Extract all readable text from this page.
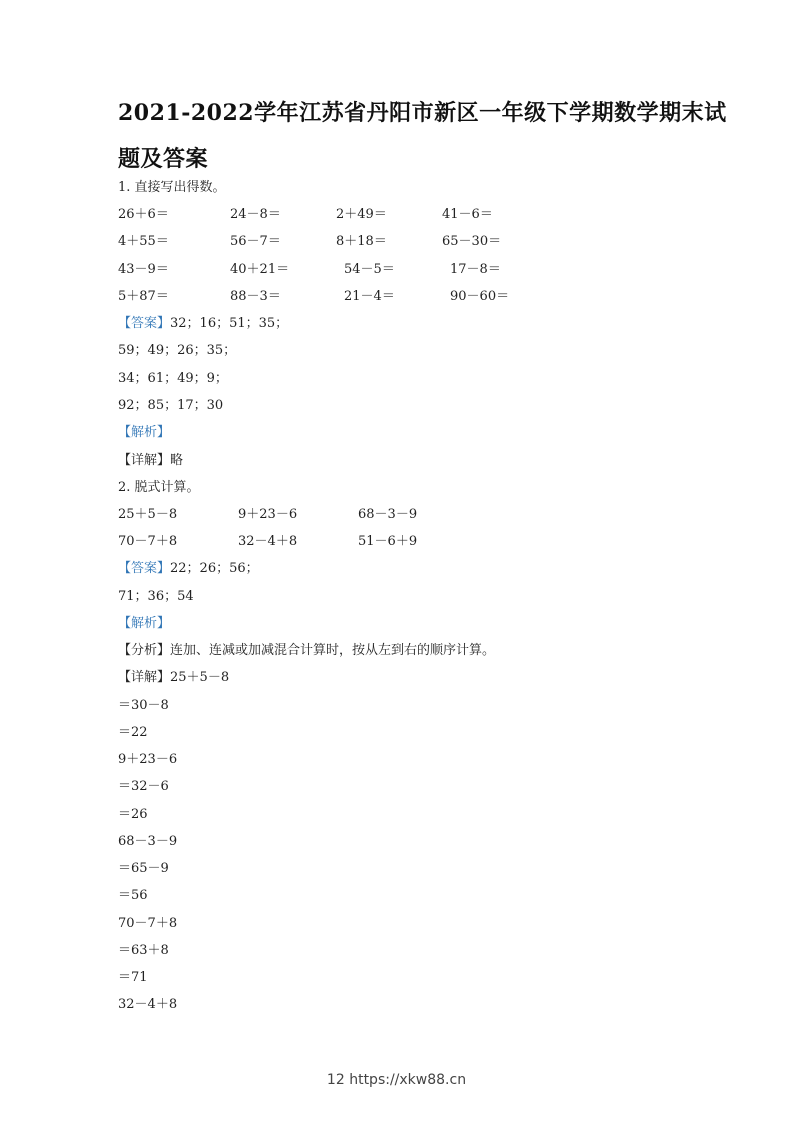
2021-2022学年江苏省丹阳市新区一年级下学期数学期末试
题及答案
1. 直接写出得数。
26＋6＝	24－8＝	2＋49＝	41－6＝
4＋55＝	56－7＝	8＋18＝	65－30＝
43－9＝	40＋21＝	54－5＝	17－8＝
5＋87＝	88－3＝	21－4＝	90－60＝
【答案】32；16；51；35；
59；49；26；35；
34；61；49；9；
92；85；17；30
【解析】
【详解】略
2. 脱式计算。
25＋5－8	9＋23－6	68－3－9
70－7＋8	32－4＋8	51－6＋9
【答案】22；26；56；
71；36；54
【解析】
【分析】连加、连减或加减混合计算时，按从左到右的顺序计算。
【详解】25＋5－8
＝30－8
＝22
9＋23－6
＝32－6
＝26
68－3－9
＝65－9
＝56
70－7＋8
＝63＋8
＝71
32－4＋8
12 https://xkw88.cn
